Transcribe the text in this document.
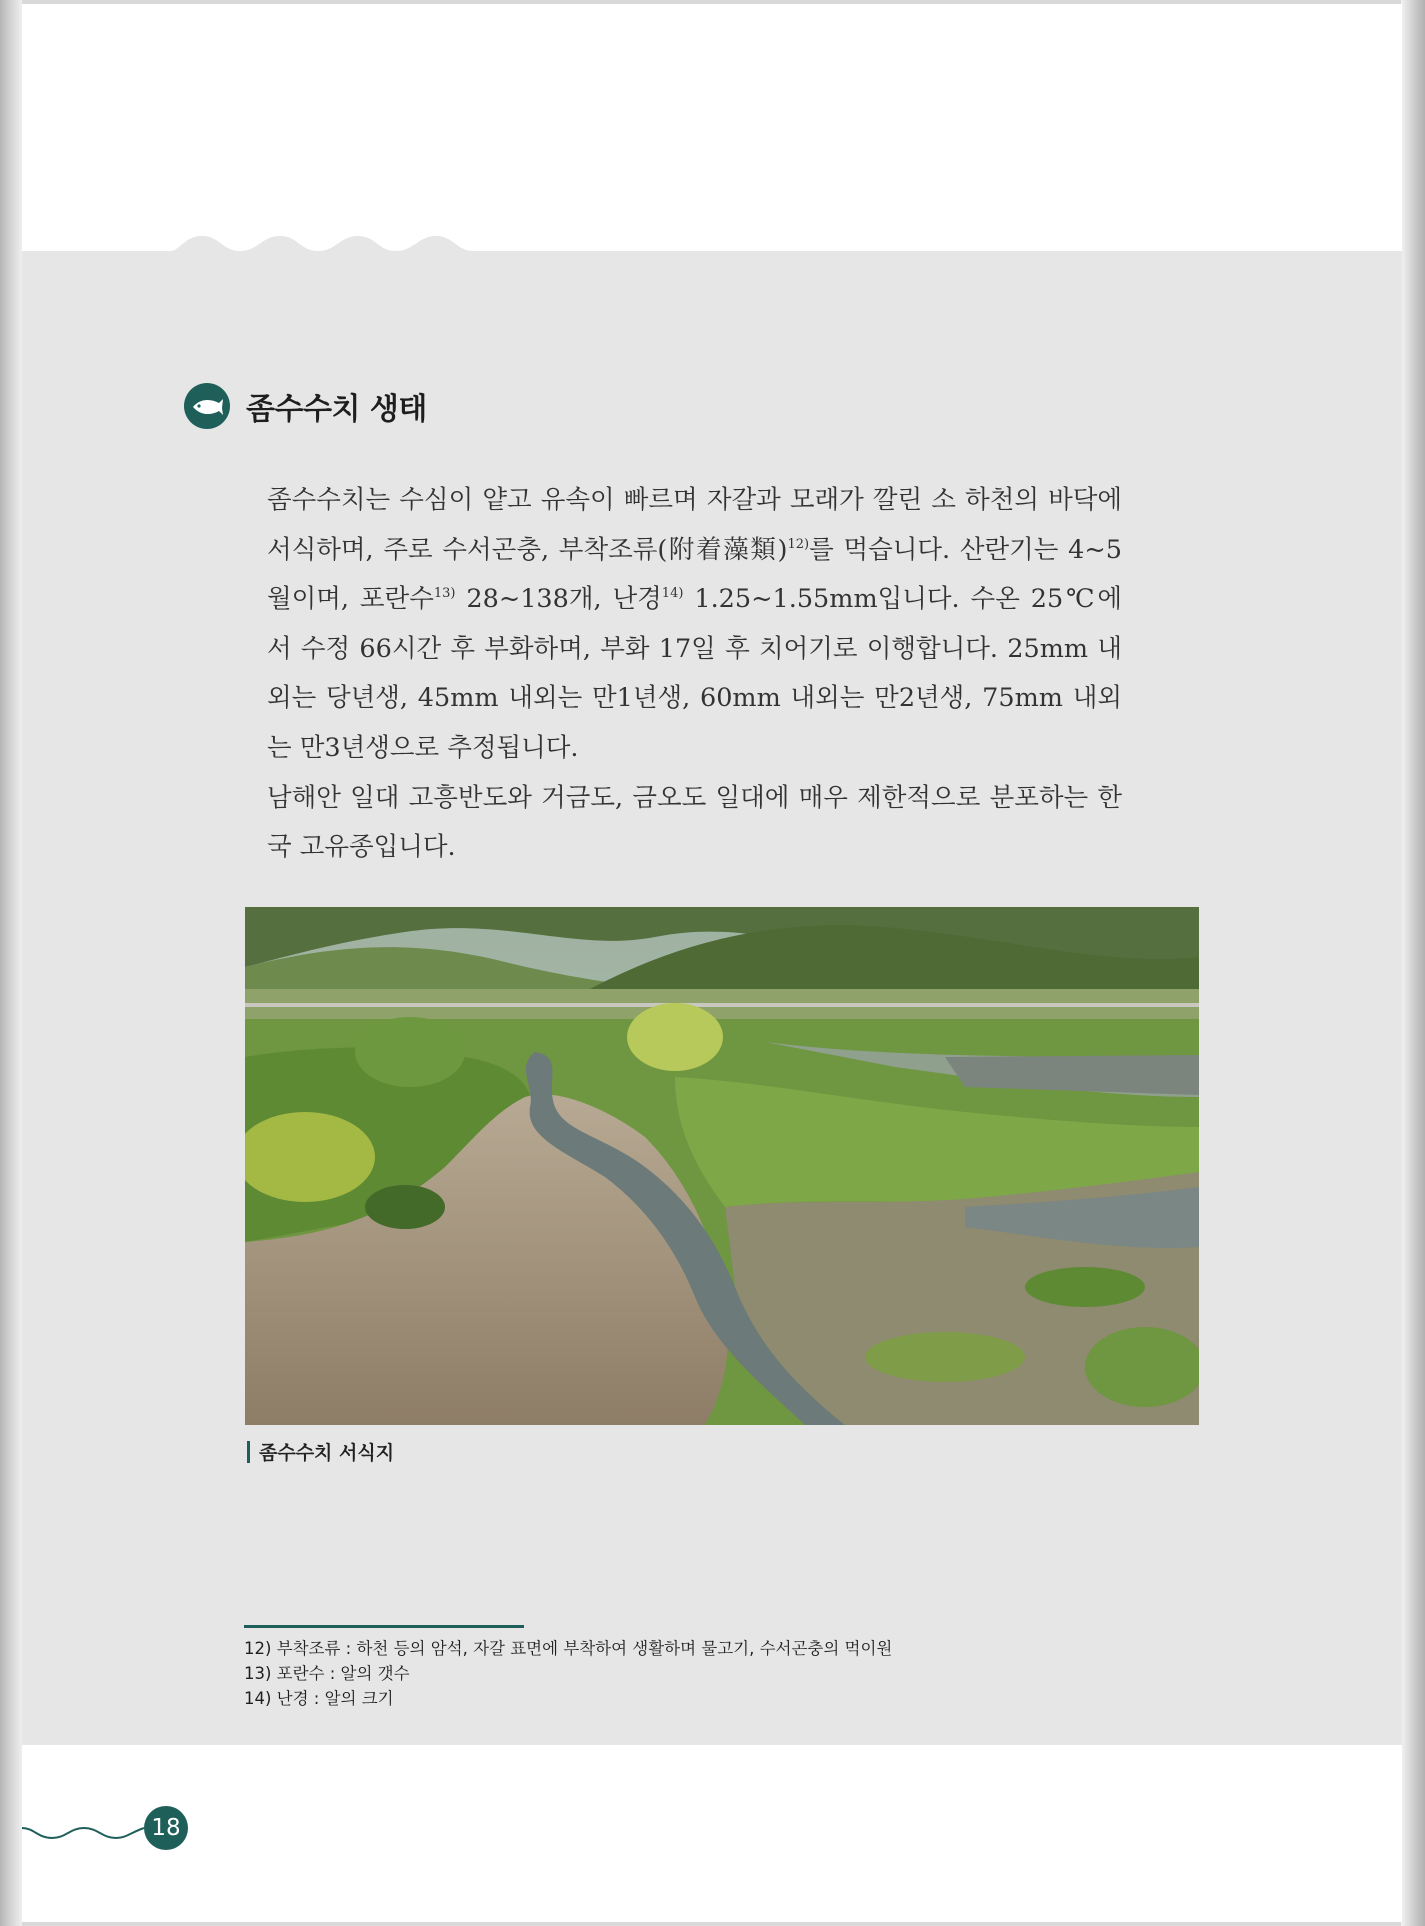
좀수수치 생태

좀수수치는 수심이 얕고 유속이 빠르며 자갈과 모래가 깔린 소 하천의 바닥에 서식하며, 주로 수서곤충, 부착조류(附着藻類)$^{12)}$를 먹습니다. 산란기는 4~5월이며, 포란수$^{13)}$ 28~138개, 난경$^{14)}$ 1.25~1.55mm입니다. 수온 25℃에서 수정 66시간 후 부화하며, 부화 17일 후 치어기로 이행합니다. 25mm 내외는 당년생, 45mm 내외는 만1년생, 60mm 내외는 만2년생, 75mm 내외는 만3년생으로 추정됩니다.

남해안 일대 고흥반도와 거금도, 금오도 일대에 매우 제한적으로 분포하는 한국 고유종입니다.

좀수수치 서식지
12) 부착조류 : 하천 등의 암석, 자갈 표면에 부착하여 생활하며 물고기, 수서곤충의 먹이원
13) 포란수 : 알의 갯수
14) 난경 : 알의 크기
18
